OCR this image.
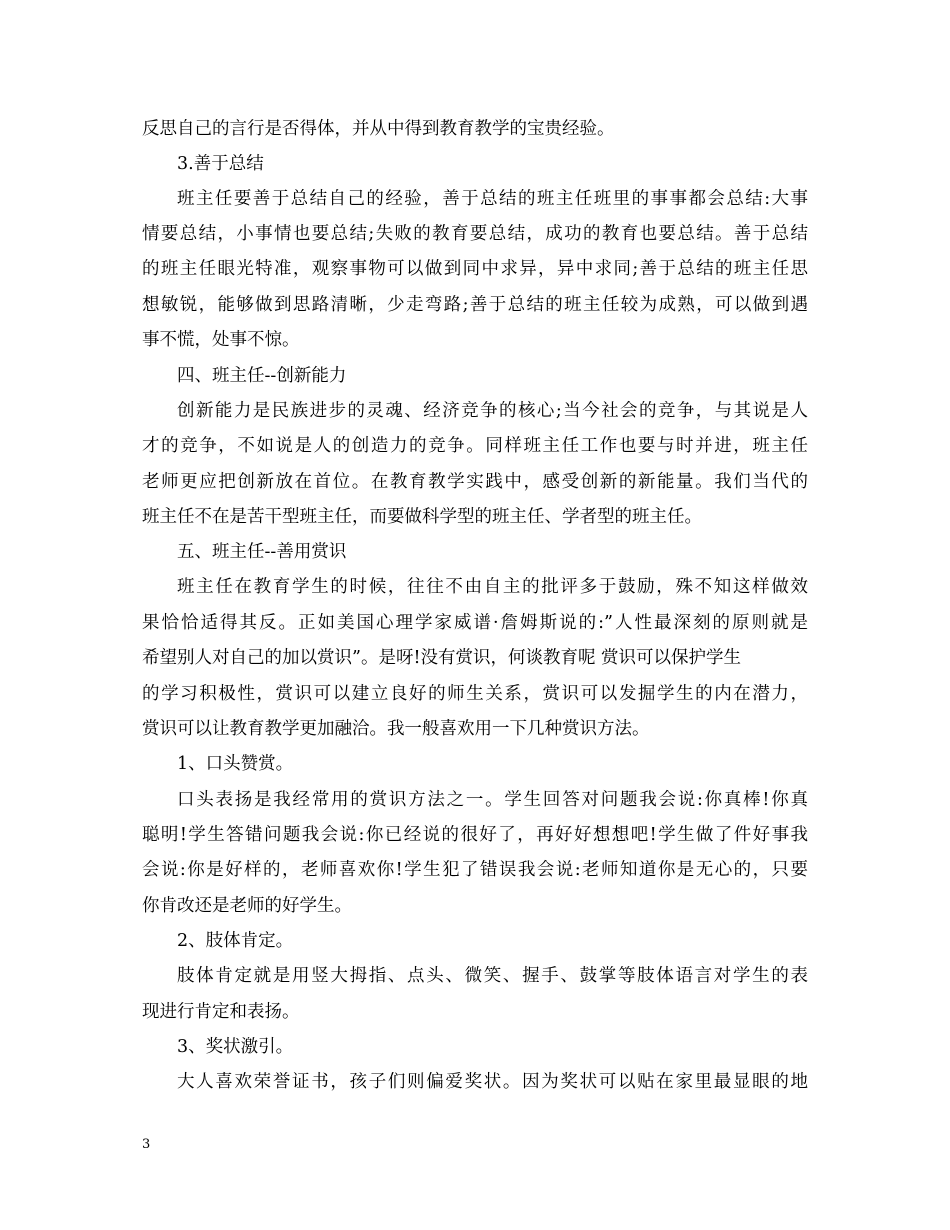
反思自己的言行是否得体，并从中得到教育教学的宝贵经验。
3.善于总结
班主任要善于总结自己的经验，善于总结的班主任班里的事事都会总结:大事
情要总结，小事情也要总结;失败的教育要总结，成功的教育也要总结。善于总结
的班主任眼光特准，观察事物可以做到同中求异，异中求同;善于总结的班主任思
想敏锐，能够做到思路清晰，少走弯路;善于总结的班主任较为成熟，可以做到遇
事不慌，处事不惊。
四、班主任--创新能力
创新能力是民族进步的灵魂、经济竞争的核心;当今社会的竞争，与其说是人
才的竞争，不如说是人的创造力的竞争。同样班主任工作也要与时并进，班主任
老师更应把创新放在首位。在教育教学实践中，感受创新的新能量。我们当代的
班主任不在是苦干型班主任，而要做科学型的班主任、学者型的班主任。
五、班主任--善用赏识
班主任在教育学生的时候，往往不由自主的批评多于鼓励，殊不知这样做效
果恰恰适得其反。正如美国心理学家威谱·詹姆斯说的:”人性最深刻的原则就是
希望别人对自己的加以赏识”。是呀!没有赏识，何谈教育呢 赏识可以保护学生
的学习积极性，赏识可以建立良好的师生关系，赏识可以发掘学生的内在潜力，
赏识可以让教育教学更加融洽。我一般喜欢用一下几种赏识方法。
1、口头赞赏。
口头表扬是我经常用的赏识方法之一。学生回答对问题我会说:你真棒!你真
聪明!学生答错问题我会说:你已经说的很好了，再好好想想吧!学生做了件好事我
会说:你是好样的，老师喜欢你!学生犯了错误我会说:老师知道你是无心的，只要
你肯改还是老师的好学生。
2、肢体肯定。
肢体肯定就是用竖大拇指、点头、微笑、握手、鼓掌等肢体语言对学生的表
现进行肯定和表扬。
3、奖状激引。
大人喜欢荣誉证书，孩子们则偏爱奖状。因为奖状可以贴在家里最显眼的地
3
